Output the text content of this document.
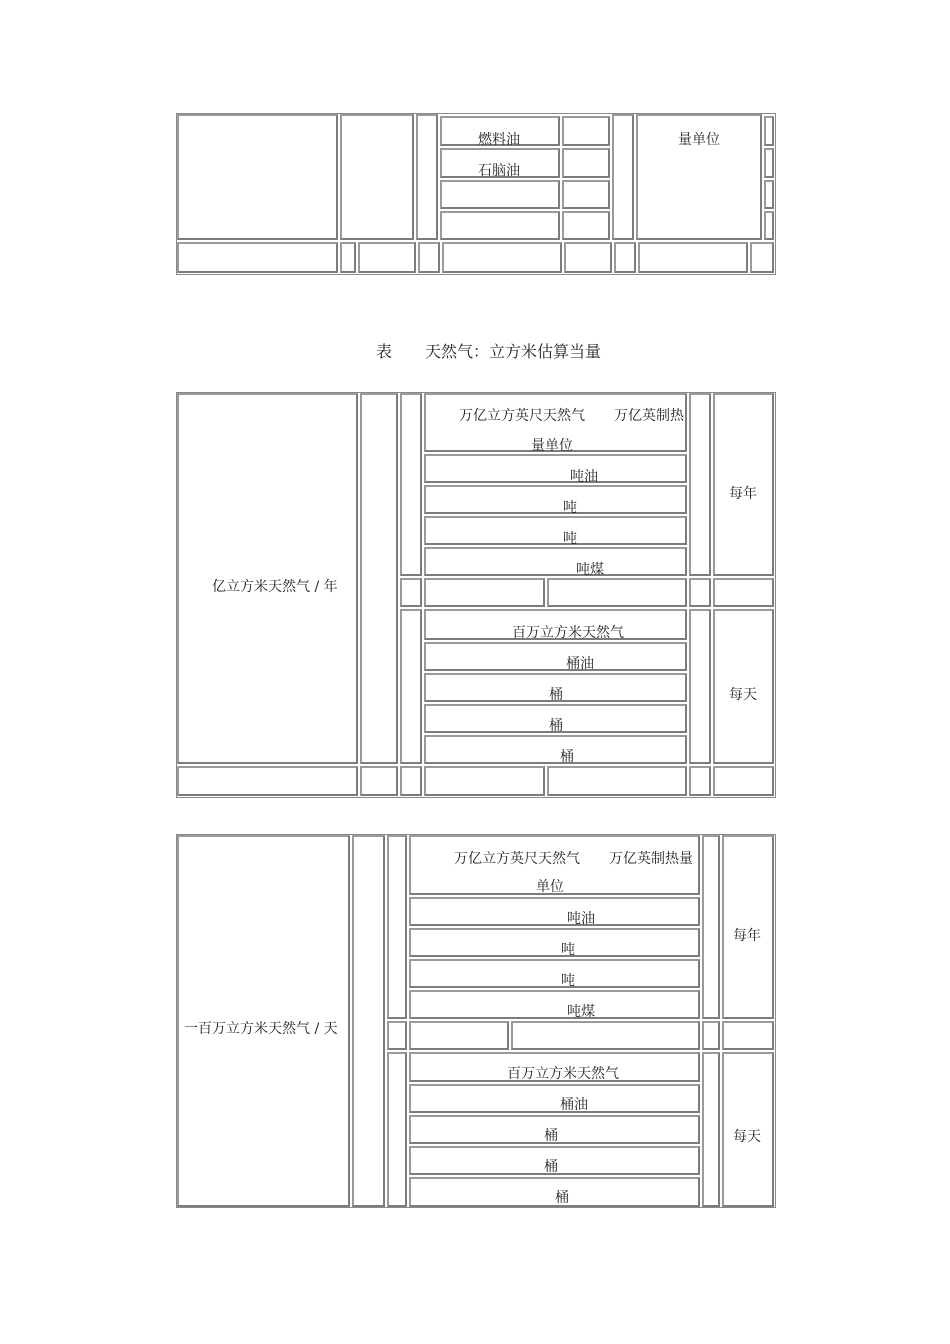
燃料油
石脑油
量单位
表 天然气：立方米估算当量
亿立方米天然气 / 年
万亿立方英尺天然气 万亿英制热
量单位
吨油
吨
吨
吨煤
每年
百万立方米天然气
桶油
桶
桶
桶
每天
一百万立方米天然气 / 天
万亿立方英尺天然气 万亿英制热量
单位
吨油
吨
吨
吨煤
每年
百万立方米天然气
桶油
桶
桶
桶
每天
